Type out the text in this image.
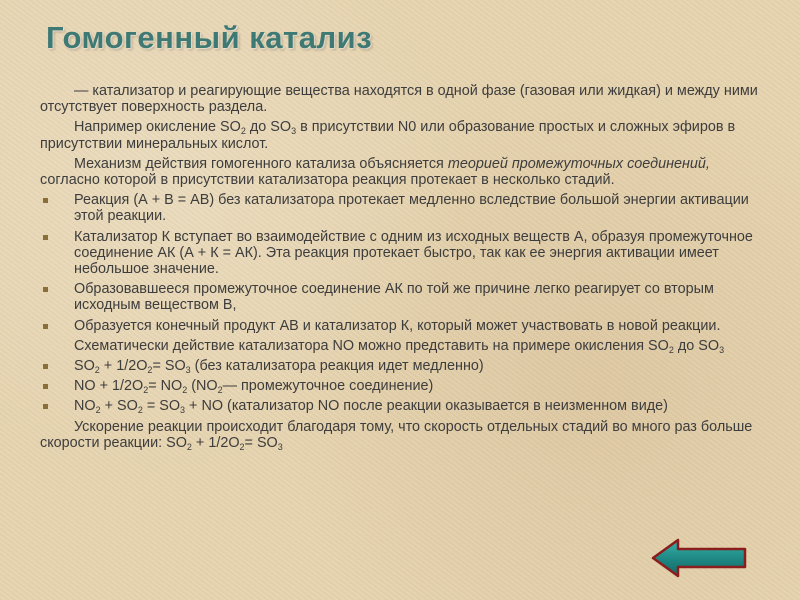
Гомогенный катализ

— катализатор и реагирующие вещества находятся в одной фазе (газовая или жидкая) и между ними отсутствует поверхность раздела.

Например окисление $SO_2$ до $SO_3$ в присутствии N0 или образование простых и сложных эфиров в присутствии минеральных кислот.

Механизм действия гомогенного катализа объясняется теорией промежуточных соединений, согласно которой в присутствии катализатора реакция протекает в несколько стадий.

Реакция (А + В = АВ) без катализатора протекает медленно вследствие большой энергии активации этой реакции.
Катализатор К вступает во взаимодействие с одним из исходных веществ А, образуя промежуточное соединение АК (А + К = АК). Эта реакция протекает быстро, так как ее энергия активации имеет небольшое значение.
Образовавшееся промежуточное соединение АК по той же причине легко реагирует со вторым исходным веществом В,
Образуется конечный продукт АВ и катализатор К, который может участвовать в новой реакции.

Схематически действие катализатора NO можно представить на примере окисления $SO_2$ до $SO_3$

$SO_2 + 1/2O_2= SO_3$ (без катализатора реакция идет медленно)
NO + $1/2O_2= NO_2$ ($NO_2—$ промежуточное соединение)
$NO_2 + SO_2 = SO_3$ + NO (катализатор NO после реакции оказывается в неизменном виде)

Ускорение реакции происходит благодаря тому, что скорость отдельных стадий во много раз больше скорости реакции: $SO_2 + 1/2O_2= SO_3$
